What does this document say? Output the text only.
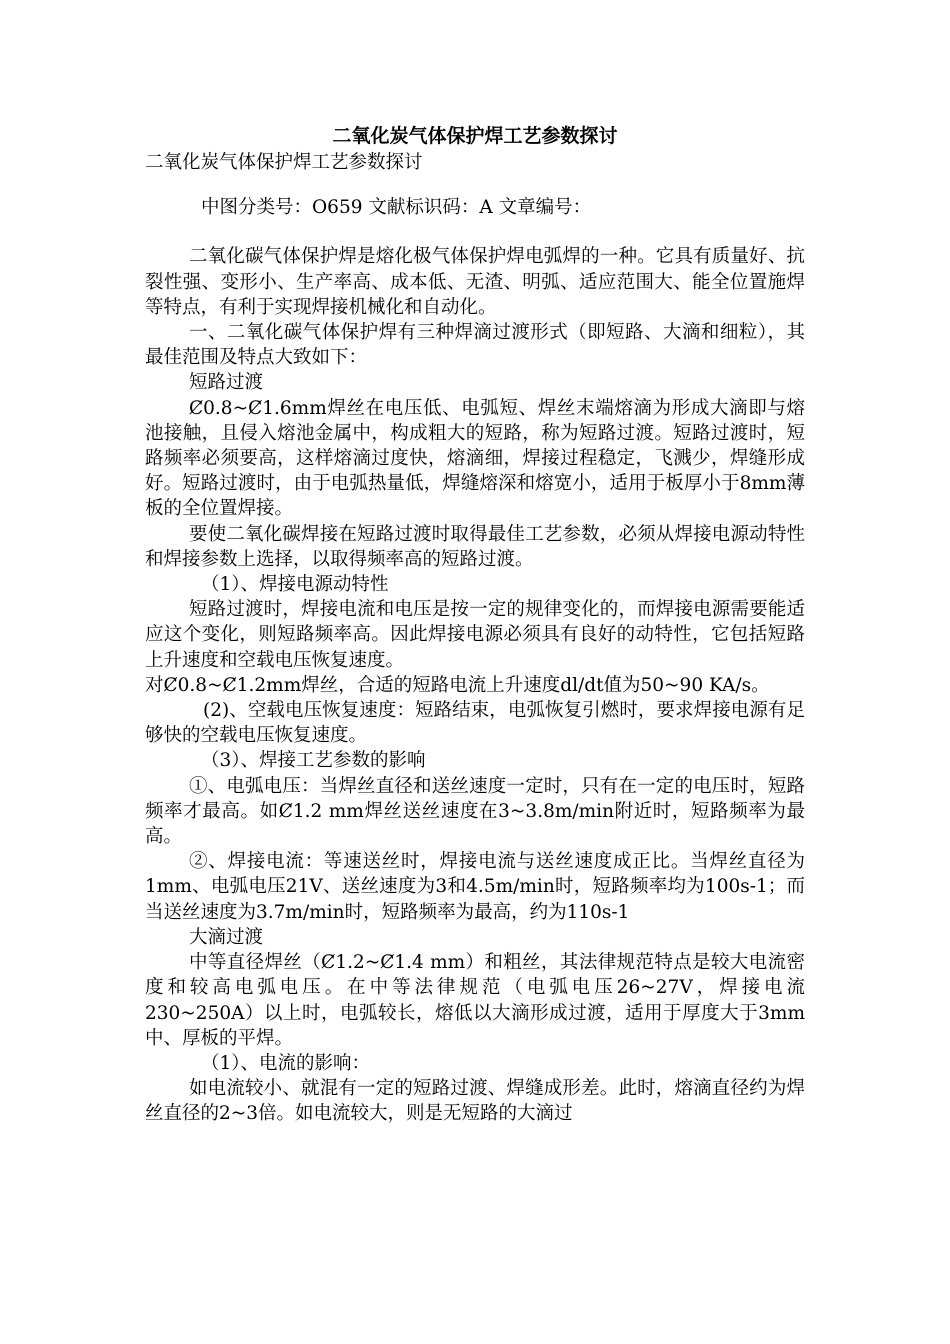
二氧化炭气体保护焊工艺参数探讨

二氧化炭气体保护焊工艺参数探讨

中图分类号：O659 文献标识码：A 文章编号：

二氧化碳气体保护焊是熔化极气体保护焊电弧焊的一种。它具有质量好、抗裂性强、变形小、生产率高、成本低、无渣、明弧、适应范围大、能全位置施焊等特点，有利于实现焊接机械化和自动化。

一、二氧化碳气体保护焊有三种焊滴过渡形式（即短路、大滴和细粒），其最佳范围及特点大致如下：

短路过渡

Ȼ0.8~Ȼ1.6mm焊丝在电压低、电弧短、焊丝末端熔滴为形成大滴即与熔池接触，且侵入熔池金属中，构成粗大的短路，称为短路过渡。短路过渡时，短路频率必须要高，这样熔滴过度快，熔滴细，焊接过程稳定，飞溅少，焊缝形成好。短路过渡时，由于电弧热量低，焊缝熔深和熔宽小，适用于板厚小于8mm薄板的全位置焊接。

要使二氧化碳焊接在短路过渡时取得最佳工艺参数，必须从焊接电源动特性和焊接参数上选择，以取得频率高的短路过渡。

（1）、焊接电源动特性

短路过渡时，焊接电流和电压是按一定的规律变化的，而焊接电源需要能适应这个变化，则短路频率高。因此焊接电源必须具有良好的动特性，它包括短路上升速度和空载电压恢复速度。

对Ȼ0.8~Ȼ1.2mm焊丝，合适的短路电流上升速度dl/dt值为50~90 KA/s。

(2)、空载电压恢复速度：短路结束，电弧恢复引燃时，要求焊接电源有足够快的空载电压恢复速度。

（3）、焊接工艺参数的影响

①、电弧电压：当焊丝直径和送丝速度一定时，只有在一定的电压时，短路频率才最高。如Ȼ1.2 mm焊丝送丝速度在3~3.8m/min附近时，短路频率为最高。

②、焊接电流：等速送丝时，焊接电流与送丝速度成正比。当焊丝直径为1mm、电弧电压21V、送丝速度为3和4.5m/min时，短路频率均为100s-1；而当送丝速度为3.7m/min时，短路频率为最高，约为110s-1

大滴过渡

中等直径焊丝（Ȼ1.2~Ȼ1.4 mm）和粗丝，其法律规范特点是较大电流密度和较高电弧电压。在中等法律规范（电弧电压26~27V，焊接电流230~250A）以上时，电弧较长，熔低以大滴形成过渡，适用于厚度大于3mm中、厚板的平焊。

（1）、电流的影响：

如电流较小、就混有一定的短路过渡、焊缝成形差。此时，熔滴直径约为焊丝直径的2~3倍。如电流较大，则是无短路的大滴过
